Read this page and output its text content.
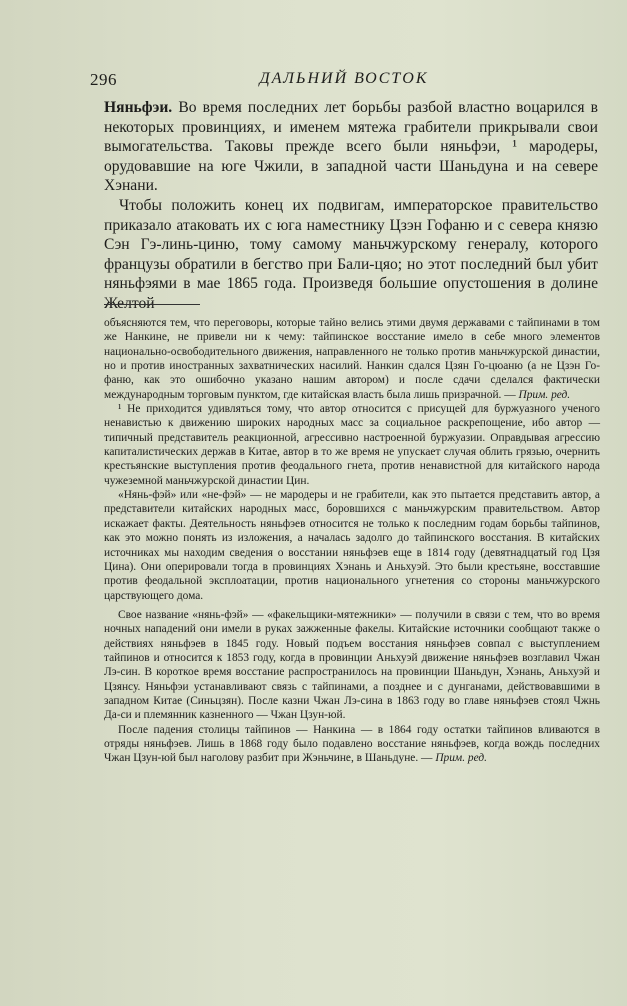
296	ДАЛЬНИЙ ВОСТОК

Няньфэи. Во время последних лет борьбы разбой властно воцарился в некоторых провинциях, и именем мятежа грабители прикрывали свои вымогательства. Таковы прежде всего были няньфэи, ¹ мародеры, орудовавшие на юге Чжили, в западной части Шаньдуна и на севере Хэнани.

Чтобы положить конец их подвигам, императорское правительство приказало атаковать их с юга наместнику Цзэн Гофаню и с севера князю Сэн Гэ-линь-циню, тому самому маньчжурскому генералу, которого французы обратили в бегство при Бали-цяо; но этот последний был убит няньфэями в мае 1865 года. Произведя большие опустошения в долине Желтой

объясняются тем, что переговоры, которые тайно велись этими двумя державами с тайпинами в том же Нанкине, не привели ни к чему: тайпинское восстание имело в себе много элементов национально-освободительного движения, направленного не только против маньчжурской династии, но и против иностранных захватнических насилий. Нанкин сдался Цзян Го-цюаню (а не Цзэн Го-фаню, как это ошибочно указано нашим автором) и после сдачи сделался фактически международным торговым пунктом, где китайская власть была лишь призрачной. — Прим. ред.

¹ Не приходится удивляться тому, что автор относится с присущей для буржуазного ученого ненавистью к движению широких народных масс за социальное раскрепощение, ибо автор — типичный представитель реакционной, агрессивно настроенной буржуазии. Оправдывая агрессию капиталистических держав в Китае, автор в то же время не упускает случая облить грязью, очернить крестьянские выступления против феодального гнета, против ненавистной для китайского народа чужеземной маньчжурской династии Цин.

«Нянь-фэй» или «не-фэй» — не мародеры и не грабители, как это пытается представить автор, а представители китайских народных масс, боровшихся с маньчжурским правительством. Автор искажает факты. Деятельность няньфэев относится не только к последним годам борьбы тайпинов, как это можно понять из изложения, а началась задолго до тайпинского восстания. В китайских источниках мы находим сведения о восстании няньфэев еще в 1814 году (девятнадцатый год Цзя Цина). Они оперировали тогда в провинциях Хэнань и Аньхуэй. Это были крестьяне, восставшие против феодальной эксплоатации, против национального угнетения со стороны маньчжурского царствующего дома.

Свое название «нянь-фэй» — «факельщики-мятежники» — получили в связи с тем, что во время ночных нападений они имели в руках зажженные факелы. Китайские источники сообщают также о действиях няньфэев в 1845 году. Новый подъем восстания няньфэев совпал с выступлением тайпинов и относится к 1853 году, когда в провинции Аньхуэй движение няньфэев возглавил Чжан Лэ-син. В короткое время восстание распространилось на провинции Шаньдун, Хэнань, Аньхуэй и Цзянсу. Няньфэи устанавливают связь с тайпинами, а позднее и с дунганами, действовавшими в западном Китае (Синьцзян). После казни Чжан Лэ-сина в 1863 году во главе няньфэев стоял Чжнь Да-си и племянник казненного — Чжан Цзун-юй.

После падения столицы тайпинов — Нанкина — в 1864 году остатки тайпинов вливаются в отряды няньфэев. Лишь в 1868 году было подавлено восстание няньфэев, когда вождь последних Чжан Цзун-юй был наголову разбит при Жэньчине, в Шаньдуне. — Прим. ред.
